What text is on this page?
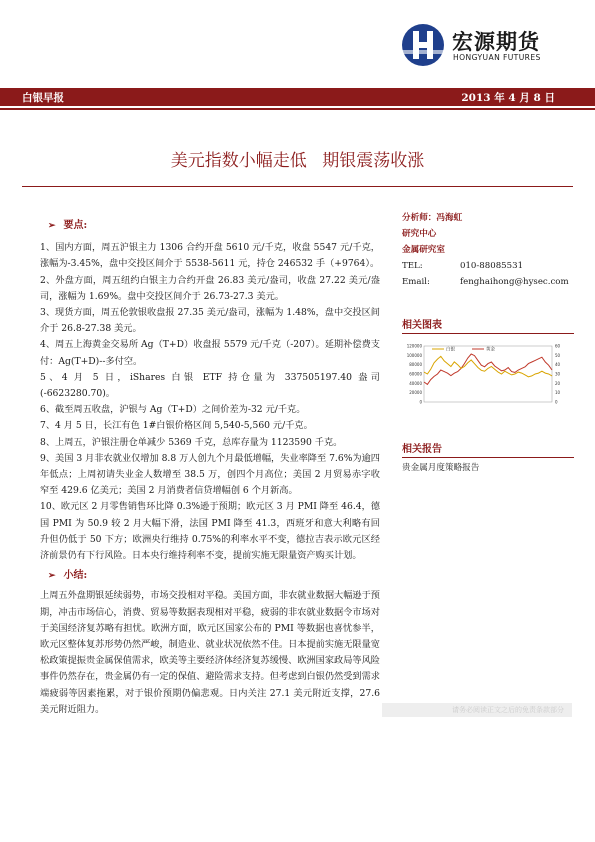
宏源期货
HONGYUAN FUTURES
白银早报	2013 年 4 月 8 日
美元指数小幅走低 期银震荡收涨
➢ 要点:
1、国内方面，周五沪银主力 1306 合约开盘 5610 元/千克，收盘 5547 元/千克，涨幅为-3.45%，盘中交投区间介于 5538-5611 元，持仓 246532 手（+9764）。
2、外盘方面，周五纽约白银主力合约开盘 26.83 美元/盎司，收盘 27.22 美元/盎司，涨幅为 1.69%。盘中交投区间介于 26.73-27.3 美元。
3、现货方面，周五伦敦银收盘报 27.35 美元/盎司，涨幅为 1.48%，盘中交投区间介于 26.8-27.38 美元。
4、周五上海黄金交易所 Ag（T+D）收盘报 5579 元/千克（-207）。延期补偿费支付：Ag(T+D)--多付空。
5、4 月 5 日，iShares 白银 ETF 持仓量为 337505197.40 盎司(-6623280.70)。
6、截至周五收盘，沪银与 Ag（T+D）之间价差为-32 元/千克。
7、4 月 5 日，长江有色 1#白银价格区间 5,540-5,560 元/千克。
8、上周五，沪银注册仓单减少 5369 千克，总库存量为 1123590 千克。
9、美国 3 月非农就业仅增加 8.8 万人创九个月最低增幅，失业率降至 7.6%为逾四年低点；上周初请失业金人数增至 38.5 万，创四个月高位；美国 2 月贸易赤字收窄至 429.6 亿美元；美国 2 月消费者信贷增幅创 6 个月新高。
10、欧元区 2 月零售销售环比降 0.3%逊于预期；欧元区 3 月 PMI 降至 46.4，德国 PMI 为 50.9 较 2 月大幅下滑，法国 PMI 降至 41.3，西班牙和意大利略有回升但仍低于 50 下方；欧洲央行维持 0.75%的利率水平不变，德拉吉表示欧元区经济前景仍有下行风险。日本央行维持利率不变，提前实施无限量资产购买计划。
➢ 小结:
上周五外盘期银延续弱势，市场交投相对平稳。美国方面，非农就业数据大幅逊于预期，冲击市场信心，消费、贸易等数据表现相对平稳，疲弱的非农就业数据令市场对于美国经济复苏略有担忧。欧洲方面，欧元区国家公布的 PMI 等数据也喜忧参半，欧元区整体复苏形势仍然严峻，制造业、就业状况依然不佳。日本提前实施无限量宽松政策提振贵金属保值需求，欧美等主要经济体经济复苏缓慢、欧洲国家政局等风险事件仍然存在，贵金属仍有一定的保值、避险需求支持。但考虑到白银仍然受到需求端疲弱等因素拖累，对于银价预期仍偏悲观。日内关注 27.1 美元附近支撑，27.6 美元附近阻力。
分析师：冯海虹
研究中心
金属研究室
TEL:	010-88085531
Email:	fenghaihong@hysec.com
相关图表
120000
100000
80000
60000
40000
20000
0
60
50
40
30
20
10
0
白银	黄金
相关报告
贵金属月度策略报告
请务必阅读正文之后的免责条款部分
